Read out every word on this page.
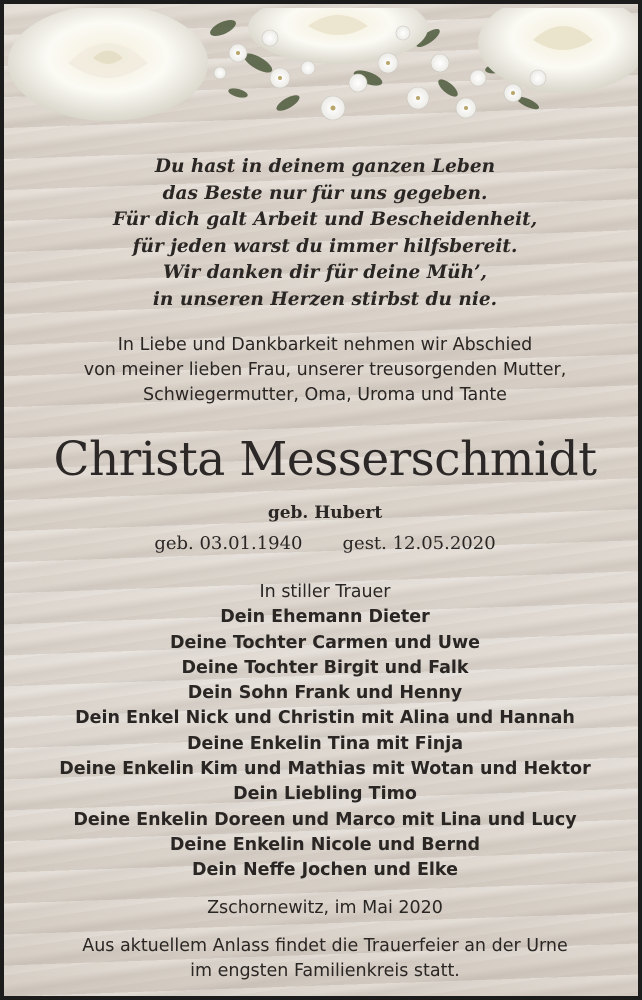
Du hast in deinem ganzen Leben
das Beste nur für uns gegeben.
Für dich galt Arbeit und Bescheidenheit,
für jeden warst du immer hilfsbereit.
Wir danken dir für deine Müh’,
in unseren Herzen stirbst du nie.
In Liebe und Dankbarkeit nehmen wir Abschied
von meiner lieben Frau, unserer treusorgenden Mutter,
Schwiegermutter, Oma, Uroma und Tante
Christa Messerschmidt
geb. Hubert
geb. 03.01.1940 gest. 12.05.2020
In stiller Trauer
Dein Ehemann Dieter
Deine Tochter Carmen und Uwe
Deine Tochter Birgit und Falk
Dein Sohn Frank und Henny
Dein Enkel Nick und Christin mit Alina und Hannah
Deine Enkelin Tina mit Finja
Deine Enkelin Kim und Mathias mit Wotan und Hektor
Dein Liebling Timo
Deine Enkelin Doreen und Marco mit Lina und Lucy
Deine Enkelin Nicole und Bernd
Dein Neffe Jochen und Elke
Zschornewitz, im Mai 2020
Aus aktuellem Anlass findet die Trauerfeier an der Urne
im engsten Familienkreis statt.
